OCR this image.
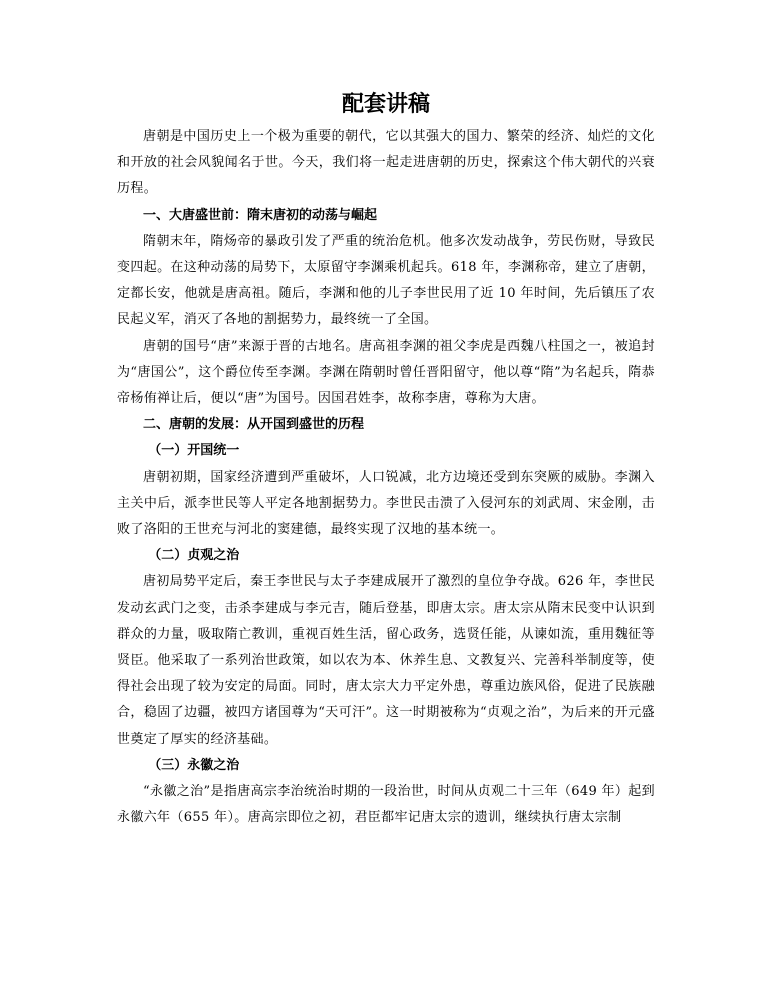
配套讲稿

唐朝是中国历史上一个极为重要的朝代，它以其强大的国力、繁荣的经济、灿烂的文化和开放的社会风貌闻名于世。今天，我们将一起走进唐朝的历史，探索这个伟大朝代的兴衰历程。

一、大唐盛世前：隋末唐初的动荡与崛起

隋朝末年，隋炀帝的暴政引发了严重的统治危机。他多次发动战争，劳民伤财，导致民变四起。在这种动荡的局势下，太原留守李渊乘机起兵。618 年，李渊称帝，建立了唐朝，定都长安，他就是唐高祖。随后，李渊和他的儿子李世民用了近 10 年时间，先后镇压了农民起义军，消灭了各地的割据势力，最终统一了全国。

唐朝的国号“唐”来源于晋的古地名。唐高祖李渊的祖父李虎是西魏八柱国之一，被追封为“唐国公”，这个爵位传至李渊。李渊在隋朝时曾任晋阳留守，他以尊“隋”为名起兵，隋恭帝杨侑禅让后，便以“唐”为国号。因国君姓李，故称李唐，尊称为大唐。

二、唐朝的发展：从开国到盛世的历程

（一）开国统一

唐朝初期，国家经济遭到严重破坏，人口锐减，北方边境还受到东突厥的威胁。李渊入主关中后，派李世民等人平定各地割据势力。李世民击溃了入侵河东的刘武周、宋金刚，击败了洛阳的王世充与河北的窦建德，最终实现了汉地的基本统一。

（二）贞观之治

唐初局势平定后，秦王李世民与太子李建成展开了激烈的皇位争夺战。626 年，李世民发动玄武门之变，击杀李建成与李元吉，随后登基，即唐太宗。唐太宗从隋末民变中认识到群众的力量，吸取隋亡教训，重视百姓生活，留心政务，选贤任能，从谏如流，重用魏征等贤臣。他采取了一系列治世政策，如以农为本、休养生息、文教复兴、完善科举制度等，使得社会出现了较为安定的局面。同时，唐太宗大力平定外患，尊重边族风俗，促进了民族融合，稳固了边疆，被四方诸国尊为“天可汗”。这一时期被称为“贞观之治”，为后来的开元盛世奠定了厚实的经济基础。

（三）永徽之治

“永徽之治”是指唐高宗李治统治时期的一段治世，时间从贞观二十三年（649 年）起到永徽六年（655 年）。唐高宗即位之初，君臣都牢记唐太宗的遗训，继续执行唐太宗制
